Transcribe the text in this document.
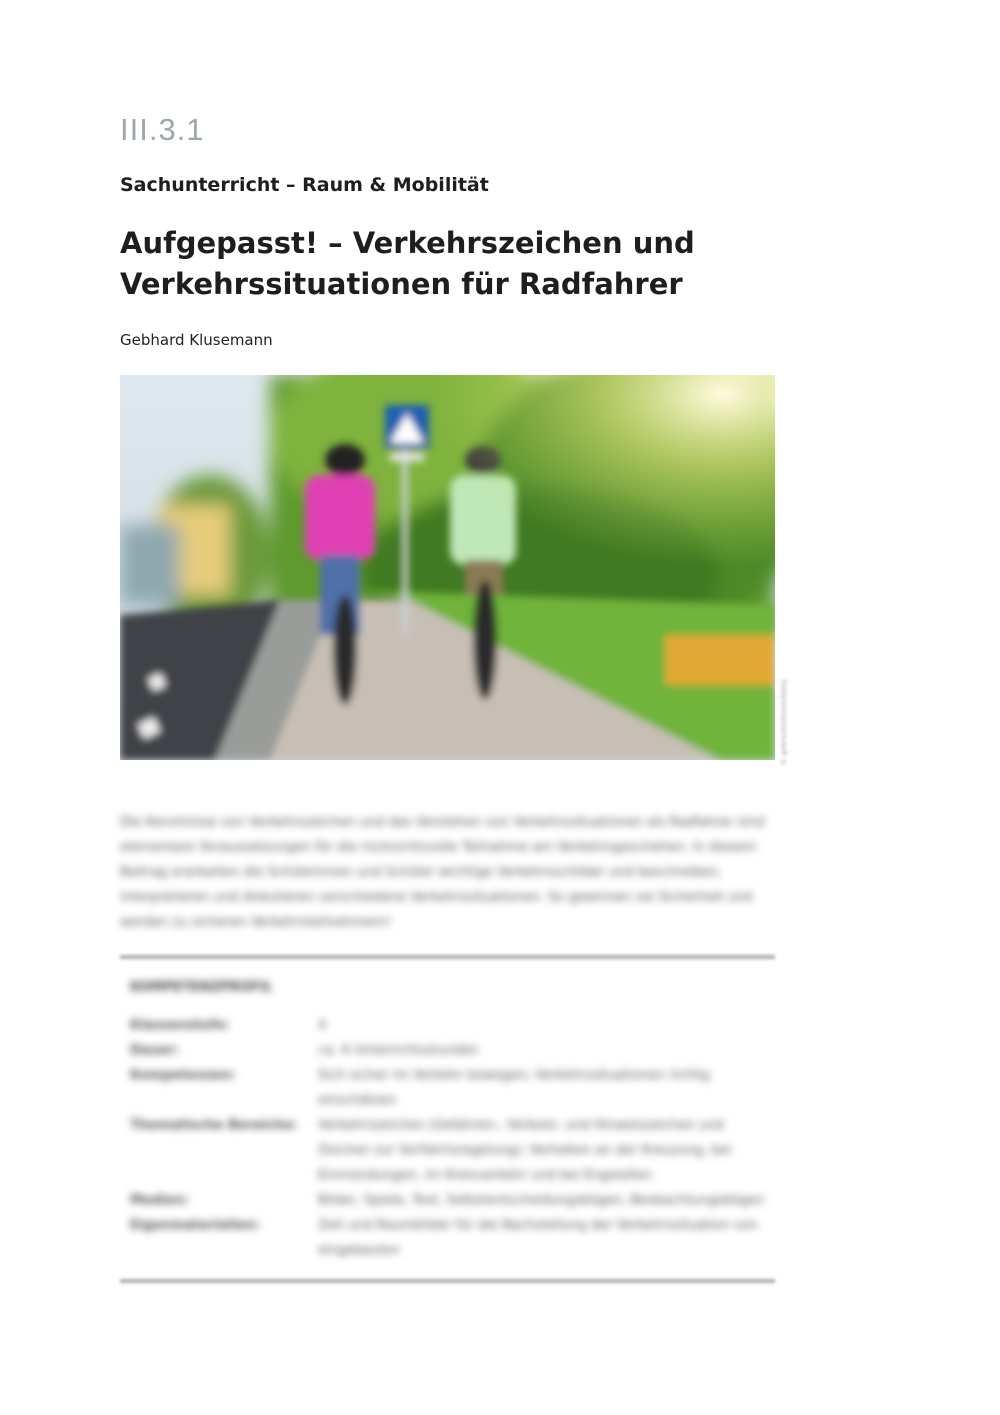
III.3.1
Sachunterricht – Raum & Mobilität
Aufgepasst! – Verkehrszeichen und
Verkehrssituationen für Radfahrer
Gebhard Klusemann
© gebracht/iStock/Getty
Die Kenntnisse von Verkehrszeichen und das Verstehen von Verkehrssituationen als Radfahrer sind elementare Voraussetzungen für die rücksichtsvolle Teilnahme am Verkehrsgeschehen. In diesem Beitrag erarbeiten die Schülerinnen und Schüler wichtige Verkehrsschilder und beschreiben, interpretieren und diskutieren verschiedene Verkehrssituationen. So gewinnen sie Sicherheit und werden zu sicheren Verkehrsteilnehmern!
KOMPETENZPROFIL
Klassenstufe:	4
Dauer:	ca. 6 Unterrichtsstunden
Kompetenzen:	Sich sicher im Verkehr bewegen; Verkehrssituationen richtig einschätzen
Thematische Bereiche:	Verkehrszeichen (Gefahren-, Verbots- und Hinweiszeichen und Zeichen zur Vorfahrtsregelung); Verhalten an der Kreuzung, bei Einmündungen, im Kreisverkehr und bei Engstellen
Medien:	Bilder, Spiele, Text, Selbstentscheidungsbögen, Beobachtungsbögen
Eigenmaterialien:	Zeit und Raumbilder für die Nachstellung der Verkehrssituation von eingebauten
